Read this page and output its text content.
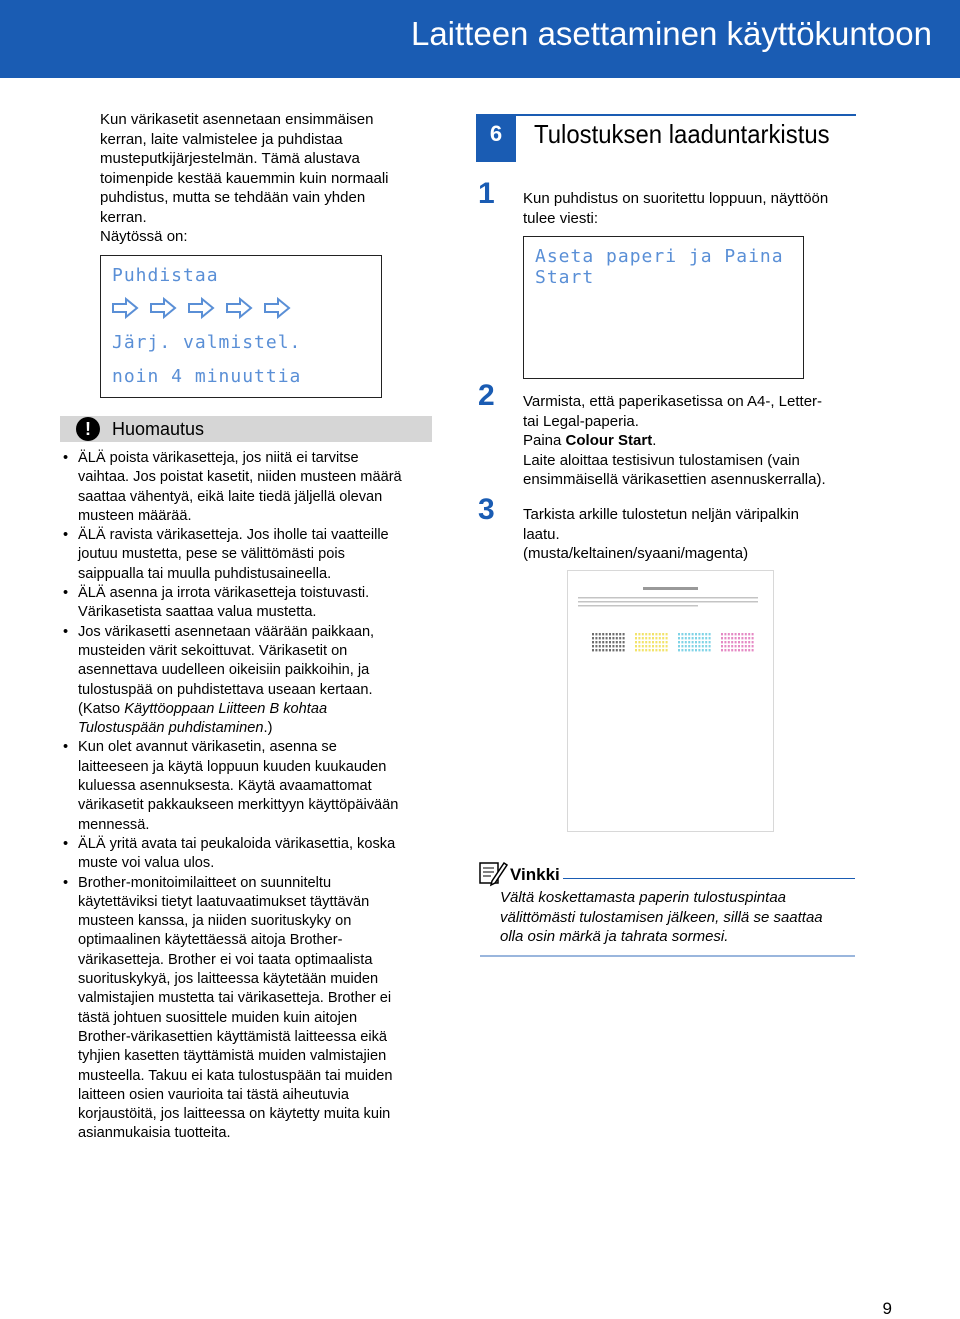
Laitteen asettaminen käyttökuntoon
Kun värikasetit asennetaan ensimmäisen
kerran, laite valmistelee ja puhdistaa
musteputkijärjestelmän. Tämä alustava
toimenpide kestää kauemmin kuin normaali
puhdistus, mutta se tehdään vain yhden
kerran.
Näytössä on:
Puhdistaa
Järj. valmistel.
noin 4 minuuttia
!	Huomautus
• ÄLÄ poista värikasetteja, jos niitä ei tarvitse
vaihtaa. Jos poistat kasetit, niiden musteen määrä
saattaa vähentyä, eikä laite tiedä jäljellä olevan
musteen määrää.
• ÄLÄ ravista värikasetteja. Jos iholle tai vaatteille
joutuu mustetta, pese se välittömästi pois
saippualla tai muulla puhdistusaineella.
• ÄLÄ asenna ja irrota värikasetteja toistuvasti.
Värikasetista saattaa valua mustetta.
• Jos värikasetti asennetaan väärään paikkaan,
musteiden värit sekoittuvat. Värikasetit on
asennettava uudelleen oikeisiin paikkoihin, ja
tulostuspää on puhdistettava useaan kertaan.
(Katso Käyttöoppaan Liitteen B kohtaa
Tulostuspään puhdistaminen.)
• Kun olet avannut värikasetin, asenna se
laitteeseen ja käytä loppuun kuuden kuukauden
kuluessa asennuksesta. Käytä avaamattomat
värikasetit pakkaukseen merkittyyn käyttöpäivään
mennessä.
• ÄLÄ yritä avata tai peukaloida värikasettia, koska
muste voi valua ulos.
• Brother-monitoimilaitteet on suunniteltu
käytettäviksi tietyt laatuvaatimukset täyttävän
musteen kanssa, ja niiden suorituskyky on
optimaalinen käytettäessä aitoja Brother-
värikasetteja. Brother ei voi taata optimaalista
suorituskykyä, jos laitteessa käytetään muiden
valmistajien mustetta tai värikasetteja. Brother ei
tästä johtuen suosittele muiden kuin aitojen
Brother-värikasettien käyttämistä laitteessa eikä
tyhjien kasetten täyttämistä muiden valmistajien
musteella. Takuu ei kata tulostuspään tai muiden
laitteen osien vaurioita tai tästä aiheutuvia
korjaustöitä, jos laitteessa on käytetty muita kuin
asianmukaisia tuotteita.
6	Tulostuksen laaduntarkistus
1 Kun puhdistus on suoritettu loppuun, näyttöön
tulee viesti:
Aseta paperi ja Paina
Start
2 Varmista, että paperikasetissa on A4-, Letter-
tai Legal-paperia.
Paina Colour Start.
Laite aloittaa testisivun tulostamisen (vain
ensimmäisellä värikasettien asennuskerralla).
3 Tarkista arkille tulostetun neljän väripalkin
laatu.
(musta/keltainen/syaani/magenta)
Vinkki
Vältä koskettamasta paperin tulostuspintaa
välittömästi tulostamisen jälkeen, sillä se saattaa
olla osin märkä ja tahrata sormesi.
9
